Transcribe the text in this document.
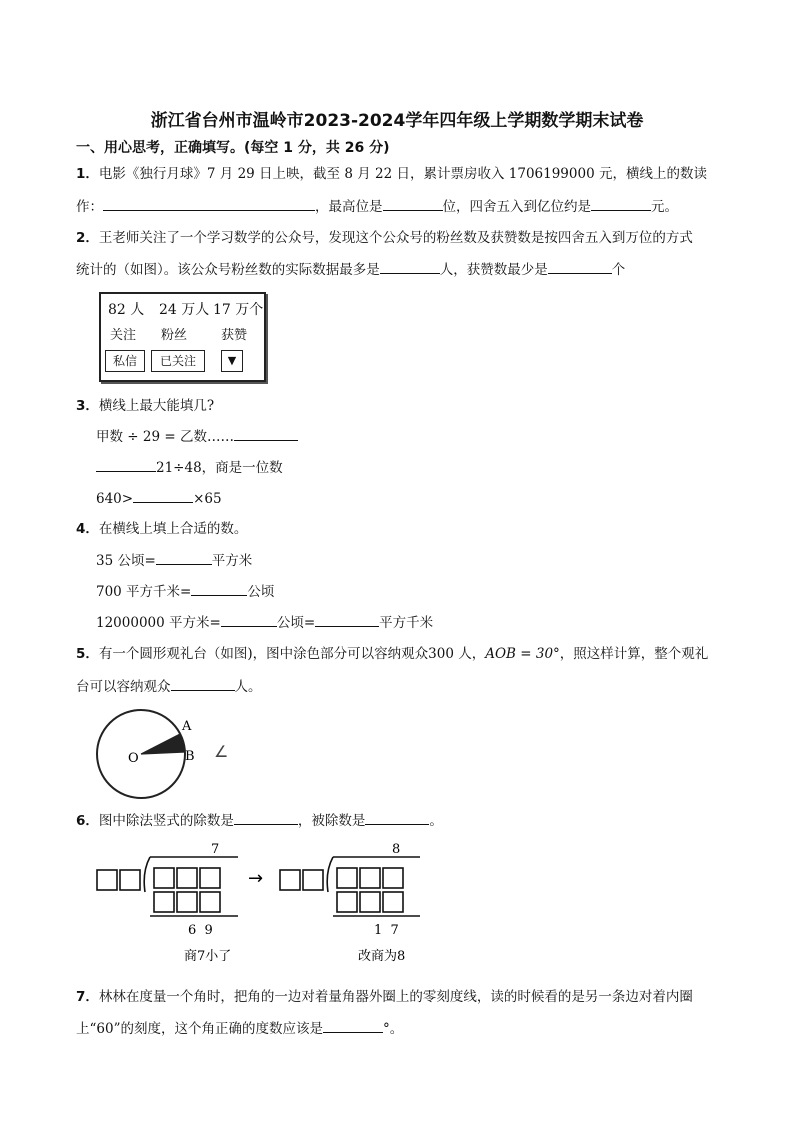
浙江省台州市温岭市2023-2024学年四年级上学期数学期末试卷
一、用心思考，正确填写。(每空 1 分，共 26 分)
1．电影《独行月球》7 月 29 日上映，截至 8 月 22 日，累计票房收入 1706199000 元，横线上的数读
作：	，最高位是	位，四舍五入到亿位约是	元。
2．王老师关注了一个学习数学的公众号，发现这个公众号的粉丝数及获赞数是按四舍五入到万位的方式
统计的（如图）。该公众号粉丝数的实际数据最多是	人，获赞数最少是	个
82 人 24 万人 17 万个
关注 粉丝	获赞
私信	已关注	▼
3．横线上最大能填几?
甲数 ÷ 29 = 乙数……
21÷48，商是一位数
640>	×65
4．在横线上填上合适的数。
35 公顷=	平方米
700 平方千米=	公顷
12000000 平方米=	公顷=	平方千米
5．有一个圆形观礼台（如图)，图中涂色部分可以容纳观众300 人，AOB = 30°，照这样计算，整个观礼
台可以容纳观众	人。
A
B
O	∠
6．图中除法竖式的除数是	，被除数是	。
7
6  9
商7小了
→
8
1  7
改商为8
7．林林在度量一个角时，把角的一边对着量角器外圈上的零刻度线，读的时候看的是另一条边对着内圈
上“60”的刻度，这个角正确的度数应该是	°。
